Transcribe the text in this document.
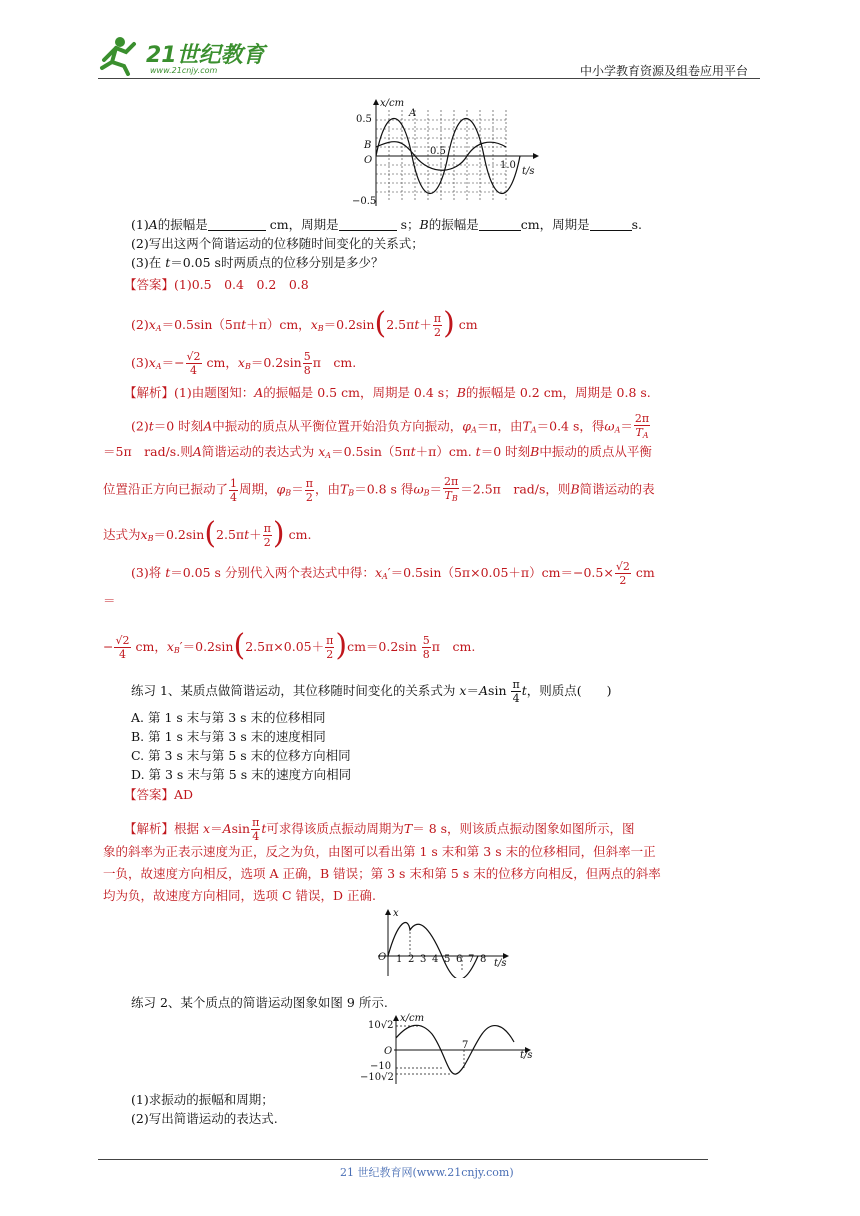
21世纪教育
www.21cnjy.com	中小学教育资源及组卷应用平台
x/cm
A
0.5
B
O
0.5
1.0
t/s
−0.5
(1)A的振幅是	cm，周期是	s；B的振幅是	cm，周期是	s.
(2)写出这两个简谐运动的位移随时间变化的关系式；
(3)在 t＝0.05 s时两质点的位移分别是多少？
【答案】(1)0.5　0.4　0.2　0.8
$(2)x_A=0.5\sin(5\pi t+\pi)cm$，$x_B=0.2\sin(2.5\pi t+ \frac{\pi}{2}$ ) cm
$(3)x_A=- \frac{√2}{4}$ cm，$x_B=0.2\sin \frac{5}{8}$ π　cm.
【解析】(1)由题图知：A的振幅是 0.5 cm，周期是 0.4 s；B的振幅是 0.2 cm，周期是 0.8 s.
(2)t＝0 时刻A中振动的质点从平衡位置开始沿负方向振动，$\varphi_A=\pi$，由$T_A=0.4$ s，得$\omega_A= \frac{2\pi}{T_A}$
＝5π　rad/s.则A简谐运动的表达式为 $x_A=0.5\sin(5\pi t+\pi)cm$. t＝0 时刻B中振动的质点从平衡
位置沿正方向已振动了 $\frac{1}{4}$ 周期，$\varphi_B= \frac{\pi}{2}$ ，由$T_B=0.8$ s 得$\omega_B= \frac{2\pi}{T_B} =2.5\pi$　rad/s，则B简谐运动的表
达式为$x_B=0.2\sin(2.5\pi t+ \frac{\pi}{2}$ ) cm.
(3)将 t＝0.05 s 分别代入两个表达式中得：$x_A'=0.5\sin(5\pi\times 0.05+\pi)cm=-0.5\times \frac{√2}{2}$ cm
＝
− $\frac{√2}{4}$ cm，$x_B'=0.2\sin(2.5\pi\times 0.05+ \frac{\pi}{2} )cm=0.2\sin \frac{5}{8}$ π　cm.
练习 1、某质点做简谐运动，其位移随时间变化的关系式为 $x=Asin \frac{\pi}{4}$ t，则质点(　　)
A. 第 1 s 末与第 3 s 末的位移相同
B. 第 1 s 末与第 3 s 末的速度相同
C. 第 3 s 末与第 5 s 末的位移方向相同
D. 第 3 s 末与第 5 s 末的速度方向相同
【答案】AD
【解析】根据 $x=Asin \frac{\pi}{4}$ t可求得该质点振动周期为T＝ 8 s，则该质点振动图象如图所示，图
象的斜率为正表示速度为正，反之为负，由图可以看出第 1 s 末和第 3 s 末的位移相同，但斜率一正
一负，故速度方向相反，选项 A 正确，B 错误；第 3 s 末和第 5 s 末的位移方向相反，但两点的斜率
均为负，故速度方向相同，选项 C 错误，D 正确.
x
O 1 2 3 4 5 6 7 8 t/s
练习 2、某个质点的简谐运动图象如图 9 所示.
x/cm
10√2
O
7
t/s
−10
−10√2
(1)求振动的振幅和周期；
(2)写出简谐运动的表达式.
21 世纪教育网(www.21cnjy.com)
